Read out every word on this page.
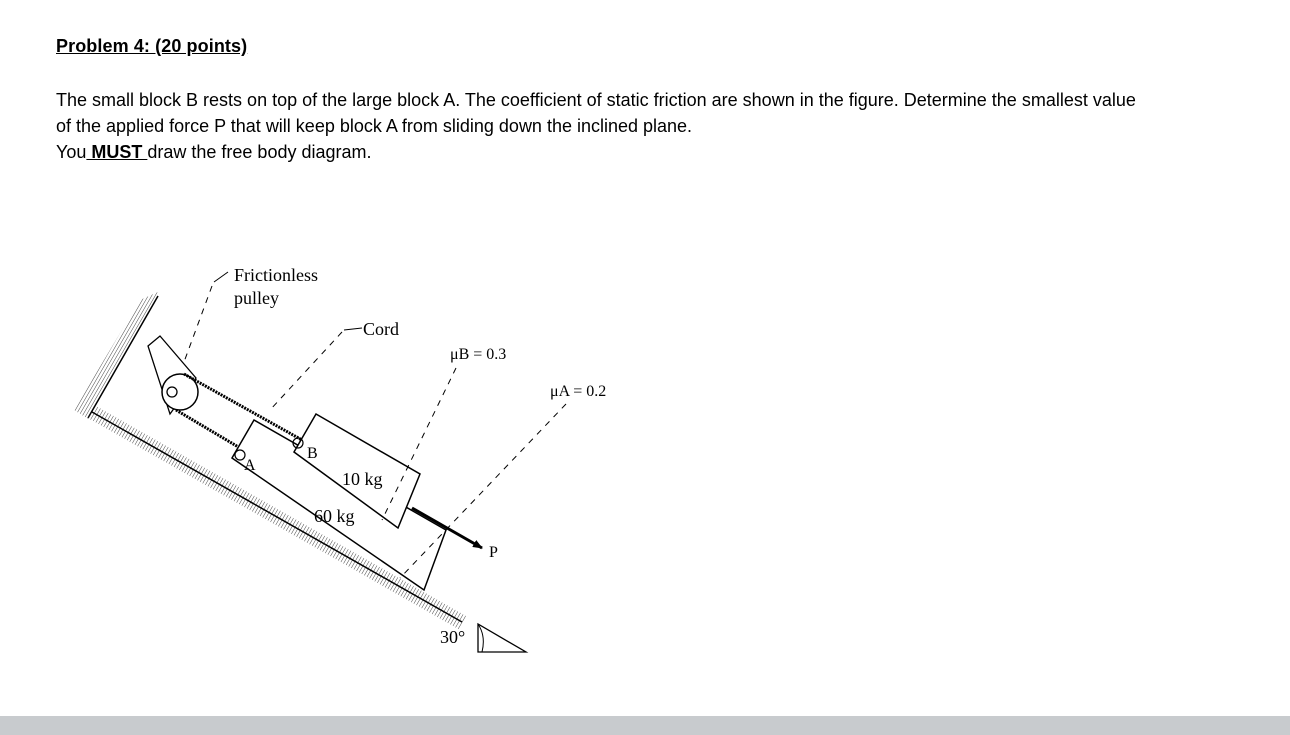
Problem 4: (20 points)
The small block B rests on top of the large block A. The coefficient of static friction are shown in the figure. Determine the smallest value
of the applied force P that will keep block A from sliding down the inclined plane.
You MUST draw the free body diagram.
30°
A
B
10 kg
60 kg
P
Frictionless
pulley
Cord
μB = 0.3
μA = 0.2
